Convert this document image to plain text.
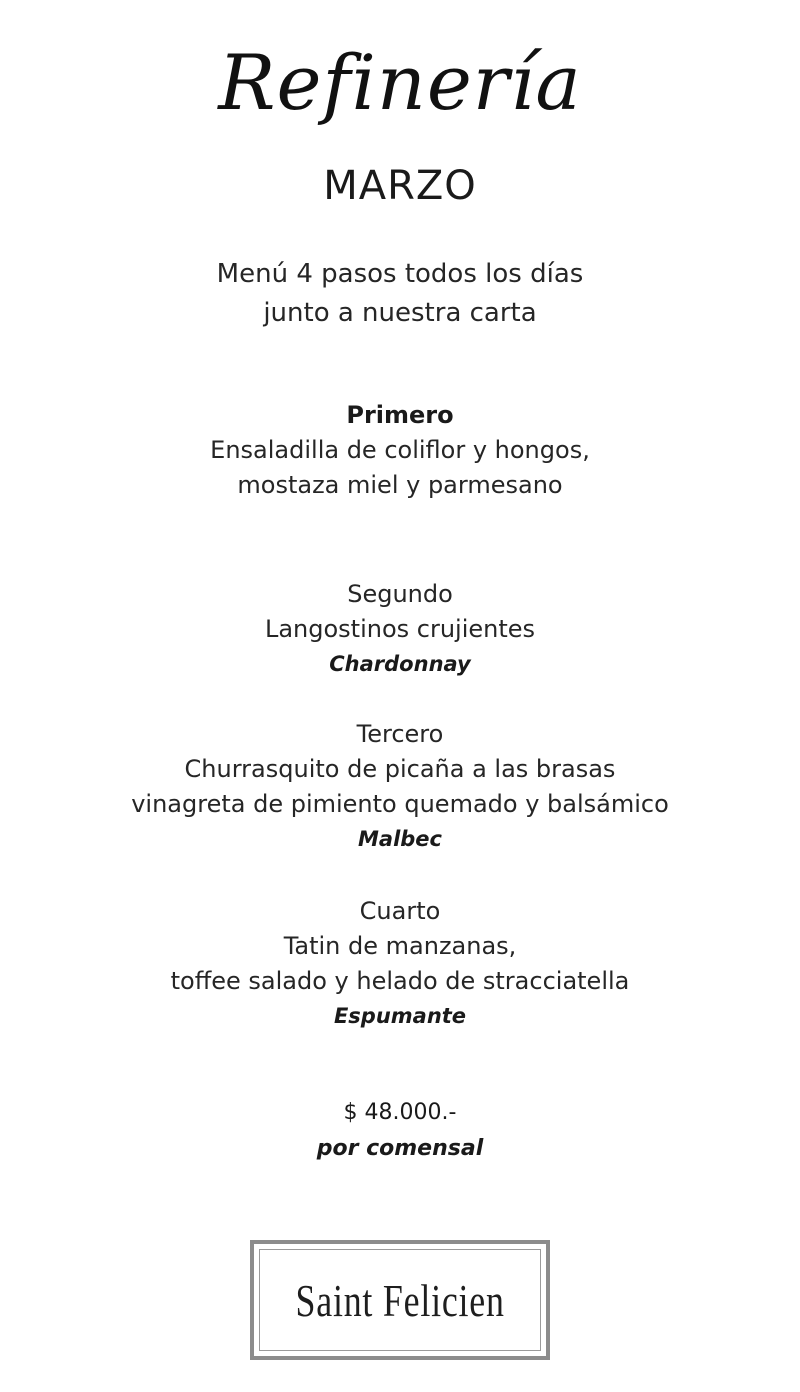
Refinería
MARZO
Menú 4 pasos todos los días
junto a nuestra carta
Primero
Ensaladilla de coliflor y hongos,
mostaza miel y parmesano
Segundo
Langostinos crujientes
Chardonnay
Tercero
Churrasquito de picaña a las brasas
vinagreta de pimiento quemado y balsámico
Malbec
Cuarto
Tatin de manzanas,
toffee salado y helado de stracciatella
Espumante
$ 48.000.-
por comensal
Saint Felicien
